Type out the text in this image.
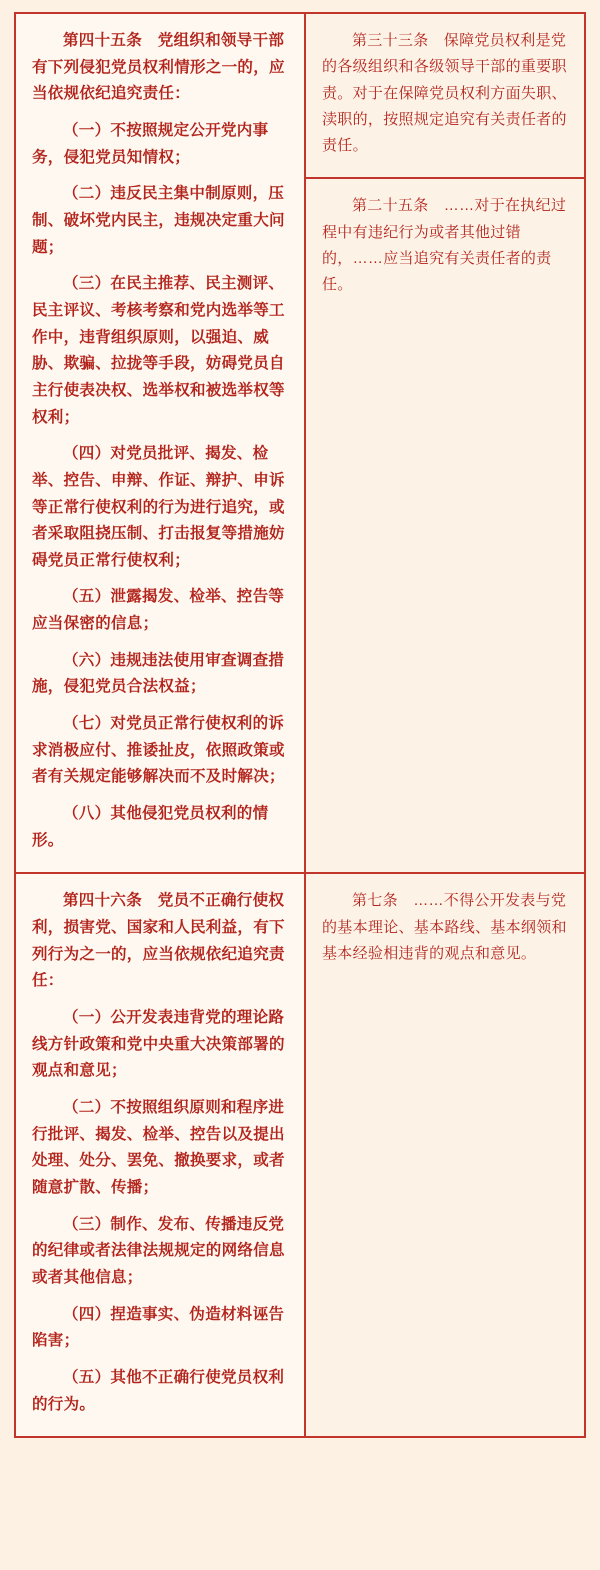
第四十五条　党组织和领导干部有下列侵犯党员权利情形之一的，应当依规依纪追究责任：

（一）不按照规定公开党内事务，侵犯党员知情权；

（二）违反民主集中制原则，压制、破坏党内民主，违规决定重大问题；

（三）在民主推荐、民主测评、民主评议、考核考察和党内选举等工作中，违背组织原则，以强迫、威胁、欺骗、拉拢等手段，妨碍党员自主行使表决权、选举权和被选举权等权利；

（四）对党员批评、揭发、检举、控告、申辩、作证、辩护、申诉等正常行使权利的行为进行追究，或者采取阻挠压制、打击报复等措施妨碍党员正常行使权利；

（五）泄露揭发、检举、控告等应当保密的信息；

（六）违规违法使用审查调查措施，侵犯党员合法权益；

（七）对党员正常行使权利的诉求消极应付、推诿扯皮，依照政策或者有关规定能够解决而不及时解决；

（八）其他侵犯党员权利的情形。

第三十三条　保障党员权利是党的各级组织和各级领导干部的重要职责。对于在保障党员权利方面失职、渎职的，按照规定追究有关责任者的责任。

第二十五条　……对于在执纪过程中有违纪行为或者其他过错的，……应当追究有关责任者的责任。

第四十六条　党员不正确行使权利，损害党、国家和人民利益，有下列行为之一的，应当依规依纪追究责任：

（一）公开发表违背党的理论路线方针政策和党中央重大决策部署的观点和意见；

（二）不按照组织原则和程序进行批评、揭发、检举、控告以及提出处理、处分、罢免、撤换要求，或者随意扩散、传播；

（三）制作、发布、传播违反党的纪律或者法律法规规定的网络信息或者其他信息；

（四）捏造事实、伪造材料诬告陷害；

（五）其他不正确行使党员权利的行为。

第七条　……不得公开发表与党的基本理论、基本路线、基本纲领和基本经验相违背的观点和意见。
